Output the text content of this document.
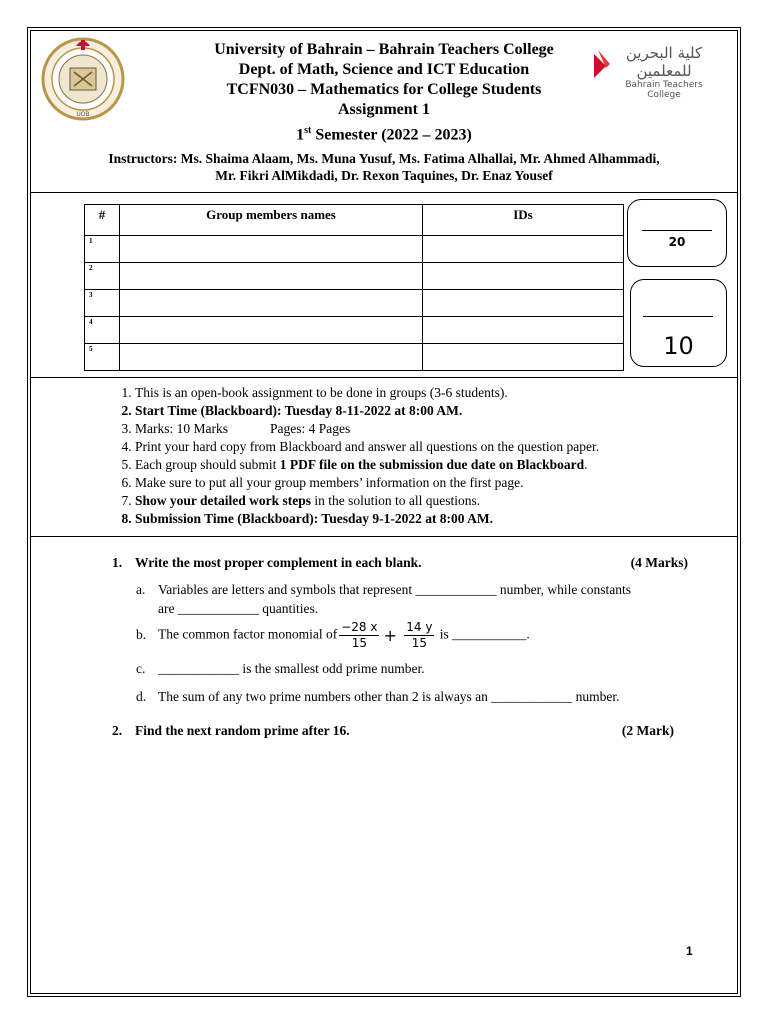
UOB
كلية البحرين للمعلمين
Bahrain Teachers College
University of Bahrain – Bahrain Teachers College
Dept. of Math, Science and ICT Education
TCFN030 – Mathematics for College Students
Assignment 1
1st Semester (2022 – 2023)
Instructors: Ms. Shaima Alaam, Ms. Muna Yusuf, Ms. Fatima Alhallai, Mr. Ahmed Alhammadi,
Mr. Fikri AlMikdadi, Dr. Rexon Taquines, Dr. Enaz Yousef
#	Group members names	IDs
1		
2		
3		
4		
5		
20
10
1. This is an open-book assignment to be done in groups (3-6 students).
2. Start Time (Blackboard): Tuesday 8-11-2022 at 8:00 AM.
3. Marks: 10 Marks	Pages: 4 Pages
4. Print your hard copy from Blackboard and answer all questions on the question paper.
5. Each group should submit 1 PDF file on the submission due date on Blackboard.
6. Make sure to put all your group members’ information on the first page.
7. Show your detailed work steps in the solution to all questions.
8. Submission Time (Blackboard): Tuesday 9-1-2022 at 8:00 AM.
1. Write the most proper complement in each blank.	(4 Marks)
a. Variables are letters and symbols that represent ____________ number, while constants
are ____________ quantities.
b. The common factor monomial of $\frac{-28 x}{15} + \frac{14 y}{15}$ is ___________.
c. ____________ is the smallest odd prime number.
d. The sum of any two prime numbers other than 2 is always an ____________ number.
2. Find the next random prime after 16.	(2 Mark)
1
